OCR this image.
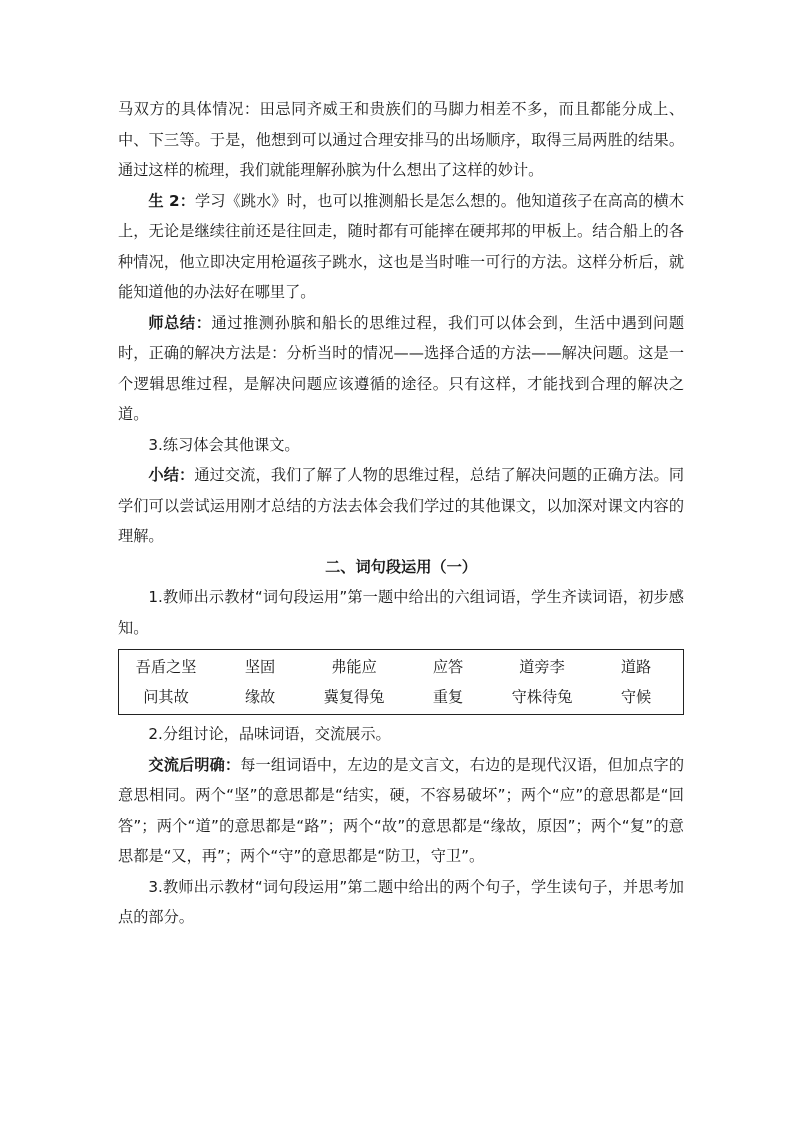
马双方的具体情况：田忌同齐威王和贵族们的马脚力相差不多，而且都能分成上、中、下三等。于是，他想到可以通过合理安排马的出场顺序，取得三局两胜的结果。通过这样的梳理，我们就能理解孙膑为什么想出了这样的妙计。

生 2：学习《跳水》时，也可以推测船长是怎么想的。他知道孩子在高高的横木上，无论是继续往前还是往回走，随时都有可能摔在硬邦邦的甲板上。结合船上的各种情况，他立即决定用枪逼孩子跳水，这也是当时唯一可行的方法。这样分析后，就能知道他的办法好在哪里了。

师总结：通过推测孙膑和船长的思维过程，我们可以体会到，生活中遇到问题时，正确的解决方法是：分析当时的情况——选择合适的方法——解决问题。这是一个逻辑思维过程，是解决问题应该遵循的途径。只有这样，才能找到合理的解决之道。

3.练习体会其他课文。

小结：通过交流，我们了解了人物的思维过程，总结了解决问题的正确方法。同学们可以尝试运用刚才总结的方法去体会我们学过的其他课文，以加深对课文内容的理解。

二、词句段运用（一）

1.教师出示教材“词句段运用”第一题中给出的六组词语，学生齐读词语，初步感知。

吾盾之坚	坚固	弗能应	应答	道旁李	道路
问其故	缘故	冀复得兔	重复	守株待兔	守候

2.分组讨论，品味词语，交流展示。

交流后明确：每一组词语中，左边的是文言文，右边的是现代汉语，但加点字的意思相同。两个“坚”的意思都是“结实，硬，不容易破坏”；两个“应”的意思都是“回答”；两个“道”的意思都是“路”；两个“故”的意思都是“缘故，原因”；两个“复”的意思都是“又，再”；两个“守”的意思都是“防卫，守卫”。

3.教师出示教材“词句段运用”第二题中给出的两个句子，学生读句子，并思考加点的部分。
